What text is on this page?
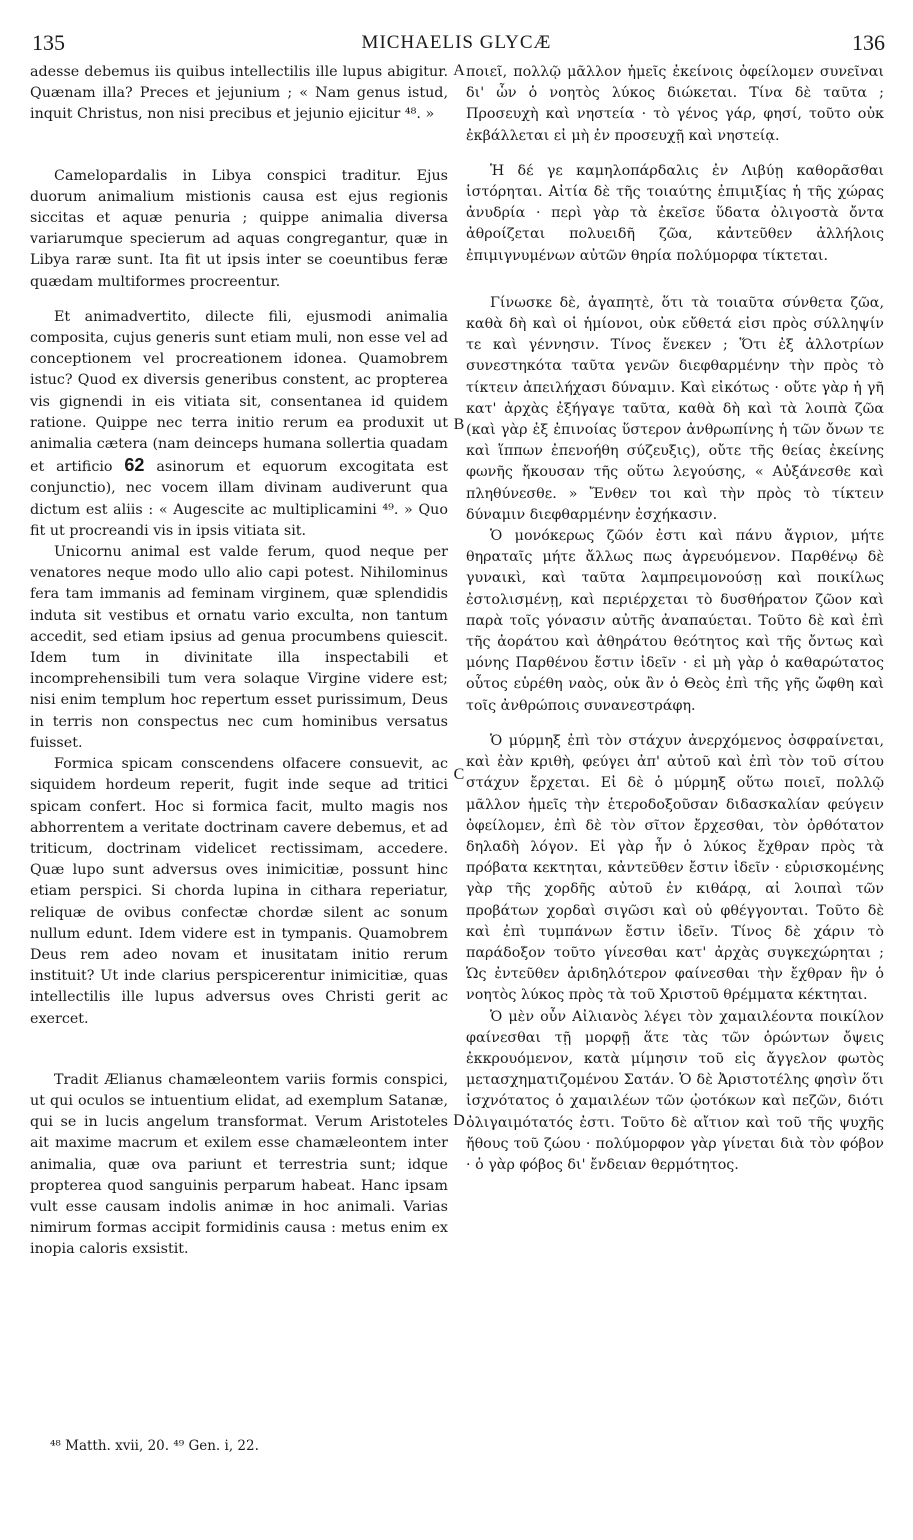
135	MICHAELIS GLYCÆ	136
A
B
C
D

adesse debemus iis quibus intellectilis ille lupus abigitur. Quænam illa? Preces et jejunium ; « Nam genus istud, inquit Christus, non nisi precibus et jejunio ejicitur ⁴⁸. »

Camelopardalis in Libya conspici traditur. Ejus duorum animalium mistionis causa est ejus regionis siccitas et aquæ penuria ; quippe animalia diversa variarumque specierum ad aquas congregantur, quæ in Libya raræ sunt. Ita fit ut ipsis inter se coeuntibus feræ quædam multiformes procreentur.

Et animadvertito, dilecte fili, ejusmodi animalia composita, cujus generis sunt etiam muli, non esse vel ad conceptionem vel procreationem idonea. Quamobrem istuc? Quod ex diversis generibus constent, ac propterea vis gignendi in eis vitiata sit, consentanea id quidem ratione. Quippe nec terra initio rerum ea produxit ut animalia cætera (nam deinceps humana sollertia quadam et artificio 62 asinorum et equorum excogitata est conjunctio), nec vocem illam divinam audiverunt qua dictum est aliis : « Augescite ac multiplicamini ⁴⁹. » Quo fit ut procreandi vis in ipsis vitiata sit.

Unicornu animal est valde ferum, quod neque per venatores neque modo ullo alio capi potest. Nihilominus fera tam immanis ad feminam virginem, quæ splendidis induta sit vestibus et ornatu vario exculta, non tantum accedit, sed etiam ipsius ad genua procumbens quiescit. Idem tum in divinitate illa inspectabili et incomprehensibili tum vera solaque Virgine videre est; nisi enim templum hoc repertum esset purissimum, Deus in terris non conspectus nec cum hominibus versatus fuisset.

Formica spicam conscendens olfacere consuevit, ac siquidem hordeum reperit, fugit inde seque ad tritici spicam confert. Hoc si formica facit, multo magis nos abhorrentem a veritate doctrinam cavere debemus, et ad triticum, doctrinam videlicet rectissimam, accedere. Quæ lupo sunt adversus oves inimicitiæ, possunt hinc etiam perspici. Si chorda lupina in cithara reperiatur, reliquæ de ovibus confectæ chordæ silent ac sonum nullum edunt. Idem videre est in tympanis. Quamobrem Deus rem adeo novam et inusitatam initio rerum instituit? Ut inde clarius perspicerentur inimicitiæ, quas intellectilis ille lupus adversus oves Christi gerit ac exercet.

Tradit Ælianus chamæleontem variis formis conspici, ut qui oculos se intuentium elidat, ad exemplum Satanæ, qui se in lucis angelum transformat. Verum Aristoteles ait maxime macrum et exilem esse chamæleontem inter animalia, quæ ova pariunt et terrestria sunt; idque propterea quod sanguinis perparum habeat. Hanc ipsam vult esse causam indolis animæ in hoc animali. Varias nimirum formas accipit formidinis causa : metus enim ex inopia caloris exsistit.

ποιεῖ, πολλῷ μᾶλλον ἡμεῖς ἐκείνοις ὀφείλομεν συνεῖναι δι' ὧν ὁ νοητὸς λύκος διώκεται. Τίνα δὲ ταῦτα ; Προσευχὴ καὶ νηστεία · τὸ γένος γάρ, φησί, τοῦτο οὐκ ἐκβάλλεται εἰ μὴ ἐν προσευχῇ καὶ νηστείᾳ.

Ἡ δέ γε καμηλοπάρδαλις ἐν Λιβύῃ καθορᾶσθαι ἱστόρηται. Αἰτία δὲ τῆς τοιαύτης ἐπιμιξίας ἡ τῆς χώρας ἀνυδρία · περὶ γὰρ τὰ ἐκεῖσε ὕδατα ὀλιγοστὰ ὄντα ἀθροίζεται πολυειδῆ ζῶα, κἀντεῦθεν ἀλλήλοις ἐπιμιγνυμένων αὐτῶν θηρία πολύμορφα τίκτεται.

Γίνωσκε δὲ, ἀγαπητὲ, ὅτι τὰ τοιαῦτα σύνθετα ζῶα, καθὰ δὴ καὶ οἱ ἡμίονοι, οὐκ εὔθετά εἰσι πρὸς σύλληψίν τε καὶ γέννησιν. Τίνος ἕνεκεν ; Ὅτι ἐξ ἀλλοτρίων συνεστηκότα ταῦτα γενῶν διεφθαρμένην τὴν πρὸς τὸ τίκτειν ἀπειλήχασι δύναμιν. Καὶ εἰκότως · οὔτε γὰρ ἡ γῆ κατ' ἀρχὰς ἐξήγαγε ταῦτα, καθὰ δὴ καὶ τὰ λοιπὰ ζῶα (καὶ γὰρ ἐξ ἐπινοίας ὕστερον ἀνθρωπίνης ἡ τῶν ὄνων τε καὶ ἵππων ἐπενοήθη σύζευξις), οὔτε τῆς θείας ἐκείνης φωνῆς ἤκουσαν τῆς οὕτω λεγούσης, « Αὐξάνεσθε καὶ πληθύνεσθε. » Ἔνθεν τοι καὶ τὴν πρὸς τὸ τίκτειν δύναμιν διεφθαρμένην ἐσχήκασιν.

Ὁ μονόκερως ζῶόν ἐστι καὶ πάνυ ἄγριον, μήτε θηραταῖς μήτε ἄλλως πως ἀγρευόμενον. Παρθένῳ δὲ γυναικὶ, καὶ ταῦτα λαμπρειμονούσῃ καὶ ποικίλως ἐστολισμένῃ, καὶ περιέρχεται τὸ δυσθήρατον ζῶον καὶ παρὰ τοῖς γόνασιν αὐτῆς ἀναπαύεται. Τοῦτο δὲ καὶ ἐπὶ τῆς ἀοράτου καὶ ἀθηράτου θεότητος καὶ τῆς ὄντως καὶ μόνης Παρθένου ἔστιν ἰδεῖν · εἰ μὴ γὰρ ὁ καθαρώτατος οὗτος εὑρέθη ναὸς, οὐκ ἂν ὁ Θεὸς ἐπὶ τῆς γῆς ὤφθη καὶ τοῖς ἀνθρώποις συνανεστράφη.

Ὁ μύρμηξ ἐπὶ τὸν στάχυν ἀνερχόμενος ὀσφραίνεται, καὶ ἐὰν κριθὴ, φεύγει ἀπ' αὐτοῦ καὶ ἐπὶ τὸν τοῦ σίτου στάχυν ἔρχεται. Εἰ δὲ ὁ μύρμηξ οὕτω ποιεῖ, πολλῷ μᾶλλον ἡμεῖς τὴν ἑτεροδοξοῦσαν διδασκαλίαν φεύγειν ὀφείλομεν, ἐπὶ δὲ τὸν σῖτον ἔρχεσθαι, τὸν ὀρθότατον δηλαδὴ λόγον. Εἰ γὰρ ἦν ὁ λύκος ἔχθραν πρὸς τὰ πρόβατα κεκτηται, κἀντεῦθεν ἔστιν ἰδεῖν · εὑρισκομένης γὰρ τῆς χορδῆς αὐτοῦ ἐν κιθάρᾳ, αἱ λοιπαὶ τῶν προβάτων χορδαὶ σιγῶσι καὶ οὐ φθέγγονται. Τοῦτο δὲ καὶ ἐπὶ τυμπάνων ἔστιν ἰδεῖν. Τίνος δὲ χάριν τὸ παράδοξον τοῦτο γίνεσθαι κατ' ἀρχὰς συγκεχώρηται ; Ὡς ἐντεῦθεν ἀριδηλότερον φαίνεσθαι τὴν ἔχθραν ἣν ὁ νοητὸς λύκος πρὸς τὰ τοῦ Χριστοῦ θρέμματα κέκτηται.

Ὁ μὲν οὖν Αἰλιανὸς λέγει τὸν χαμαιλέοντα ποικίλον φαίνεσθαι τῇ μορφῇ ἅτε τὰς τῶν ὁρώντων ὄψεις ἐκκρουόμενον, κατὰ μίμησιν τοῦ εἰς ἄγγελον φωτὸς μετασχηματιζομένου Σατάν. Ὁ δὲ Ἀριστοτέλης φησὶν ὅτι ἰσχνότατος ὁ χαμαιλέων τῶν ᾠοτόκων καὶ πεζῶν, διότι ὀλιγαιμότατός ἐστι. Τοῦτο δὲ αἴτιον καὶ τοῦ τῆς ψυχῆς ἤθους τοῦ ζώου · πολύμορφον γὰρ γίνεται διὰ τὸν φόβον · ὁ γὰρ φόβος δι' ἔνδειαν θερμότητος.

⁴⁸ Matth. xvii, 20. ⁴⁹ Gen. i, 22.
